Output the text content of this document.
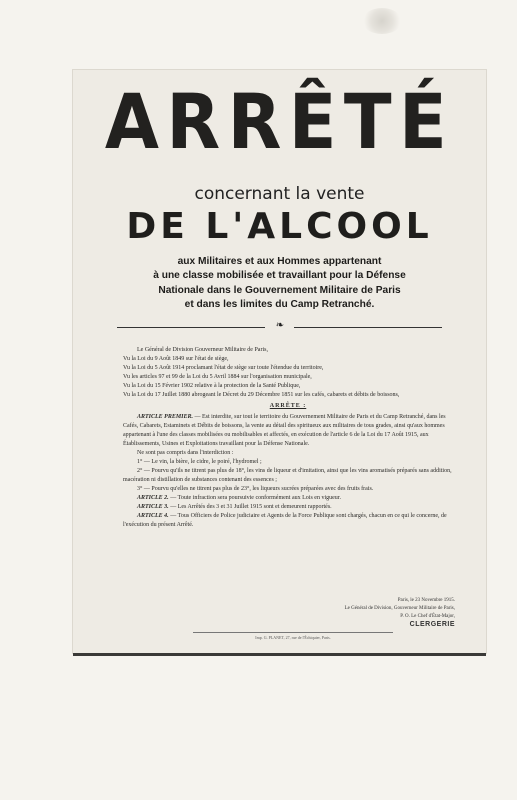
ARRÊTÉ
concernant la vente
DE L'ALCOOL
aux Militaires et aux Hommes appartenant
à une classe mobilisée et travaillant pour la Défense
Nationale dans le Gouvernement Militaire de Paris
et dans les limites du Camp Retranché.
❧

Le Général de Division Gouverneur Militaire de Paris,

Vu la Loi du 9 Août 1849 sur l'état de siège,

Vu la Loi du 5 Août 1914 proclamant l'état de siège sur toute l'étendue du territoire,

Vu les articles 97 et 99 de la Loi du 5 Avril 1884 sur l'organisation municipale,

Vu la Loi du 15 Février 1902 relative à la protection de la Santé Publique,

Vu la Loi du 17 Juillet 1880 abrogeant le Décret du 29 Décembre 1851 sur les cafés, cabarets et débits de boissons,

ARRÊTE :

ARTICLE PREMIER. — Est interdite, sur tout le territoire du Gouvernement Militaire de Paris et du Camp Retranché, dans les Cafés, Cabarets, Estaminets et Débits de boissons, la vente au détail des spiritueux aux militaires de tous grades, ainsi qu'aux hommes appartenant à l'une des classes mobilisées ou mobilisables et affectés, en exécution de l'article 6 de la Loi du 17 Août 1915, aux Établissements, Usines et Exploitations travaillant pour la Défense Nationale.

Ne sont pas compris dans l'interdiction :

1° — Le vin, la bière, le cidre, le poiré, l'hydromel ;

2° — Pourvu qu'ils ne titrent pas plus de 18°, les vins de liqueur et d'imitation, ainsi que les vins aromatisés préparés sans addition, macération ni distillation de substances contenant des essences ;

3° — Pourvu qu'elles ne titrent pas plus de 23°, les liqueurs sucrées préparées avec des fruits frais.

ARTICLE 2. — Toute infraction sera poursuivie conformément aux Lois en vigueur.

ARTICLE 3. — Les Arrêtés des 3 et 31 Juillet 1915 sont et demeurent rapportés.

ARTICLE 4. — Tous Officiers de Police judiciaire et Agents de la Force Publique sont chargés, chacun en ce qui le concerne, de l'exécution du présent Arrêté.

Paris, le 23 Novembre 1915.
Le Général de Division, Gouverneur Militaire de Paris,
P. O. Le Chef d'État-Major,
CLERGERIE
Imp. G. PLANET, 27, rue de l'Échiquier, Paris.
